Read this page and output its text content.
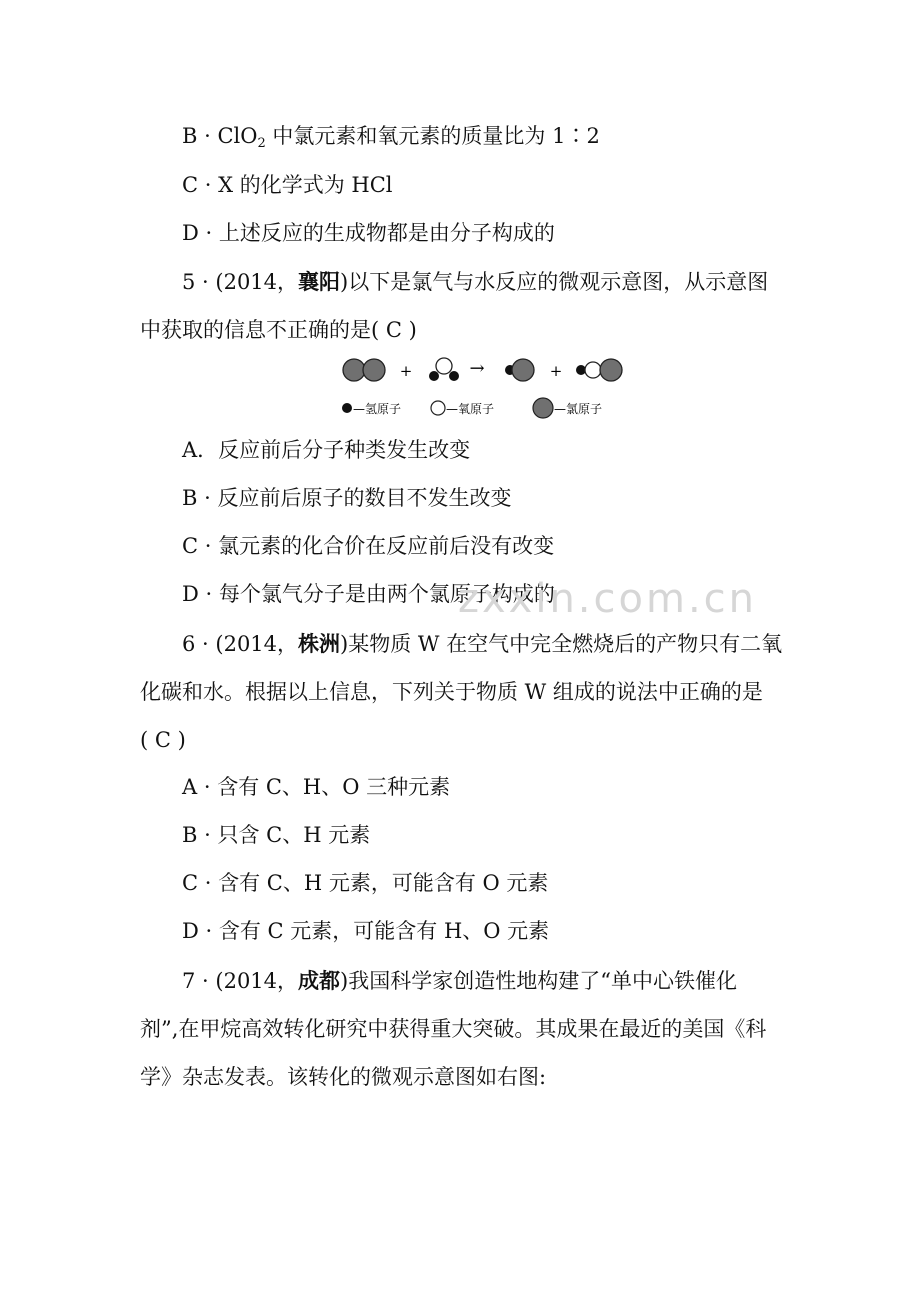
B · ClO$_2$ 中氯元素和氧元素的质量比为 1∶2
C · X 的化学式为 HCl
D · 上述反应的生成物都是由分子构成的
5 · (2014，襄阳)以下是氯气与水反应的微观示意图，从示意图
中获取的信息不正确的是( C )
+	→	+
—氢原子	—氧原子	—氯原子
A．反应前后分子种类发生改变
B · 反应前后原子的数目不发生改变
C · 氯元素的化合价在反应前后没有改变
D · 每个氯气分子是由两个氯原子构成的
zxxin.com.cn
6 · (2014，株洲)某物质 W 在空气中完全燃烧后的产物只有二氧
化碳和水。根据以上信息，下列关于物质 W 组成的说法中正确的是
( C )
A · 含有 C、H、O 三种元素
B · 只含 C、H 元素
C · 含有 C、H 元素，可能含有 O 元素
D · 含有 C 元素，可能含有 H、O 元素
7 · (2014，成都)我国科学家创造性地构建了“单中心铁催化
剂”,在甲烷高效转化研究中获得重大突破。其成果在最近的美国《科
学》杂志发表。该转化的微观示意图如右图:
